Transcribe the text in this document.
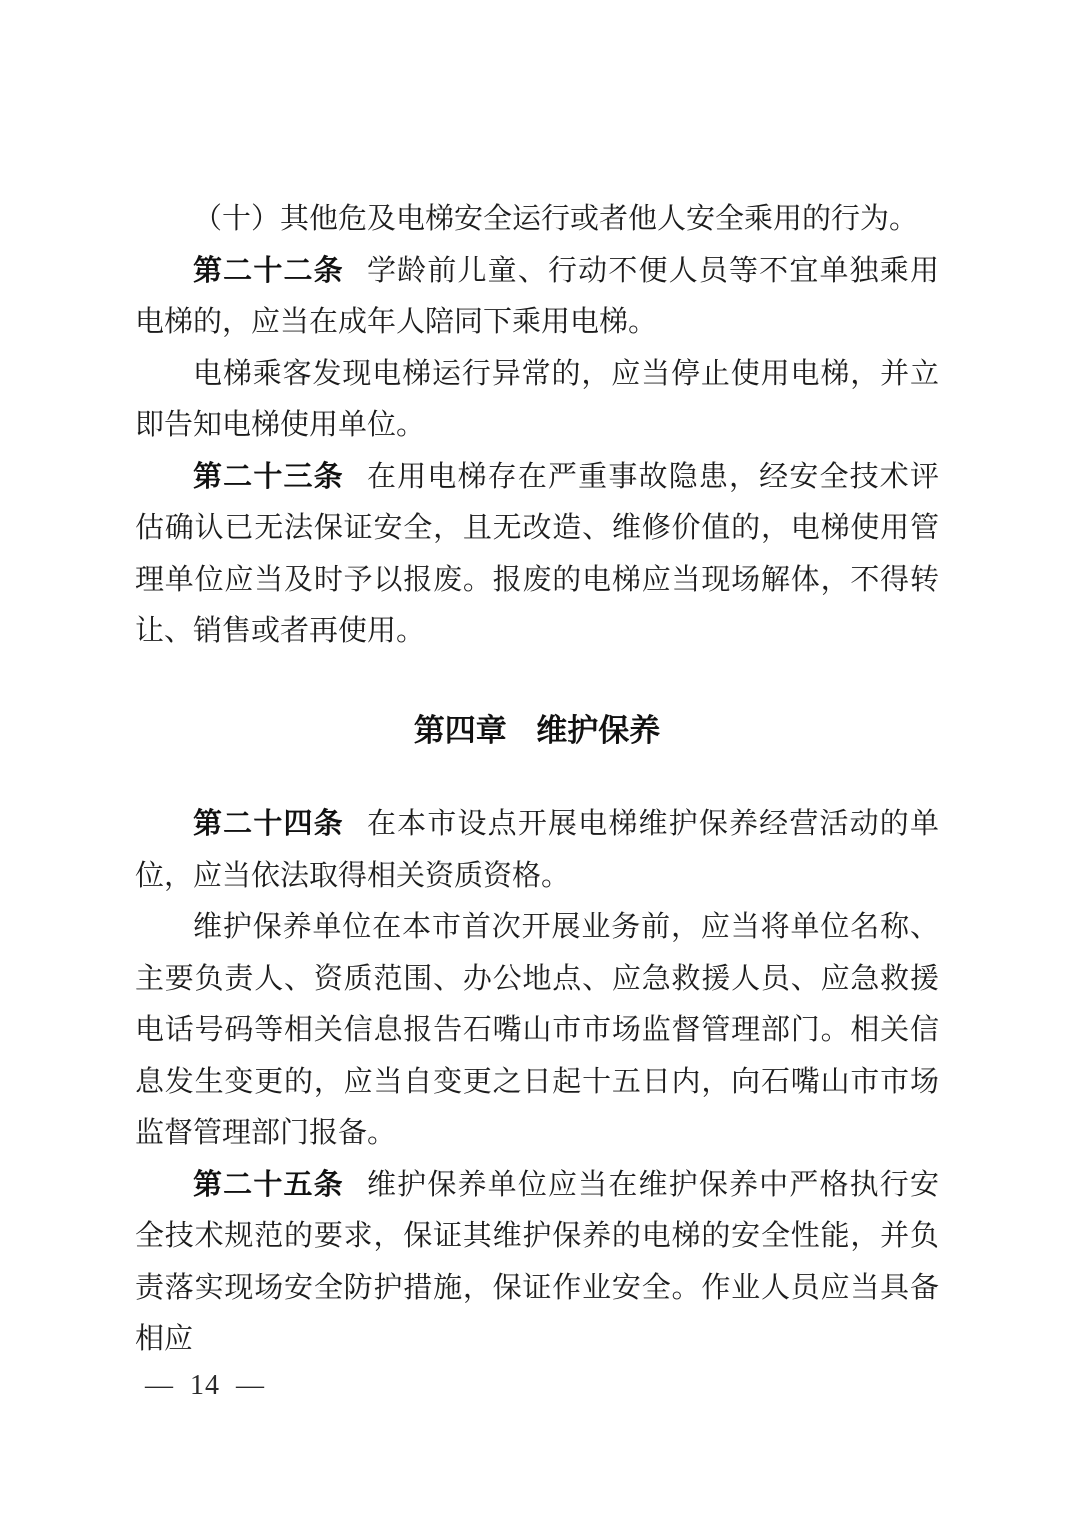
（十）其他危及电梯安全运行或者他人安全乘用的行为。

第二十二条 学龄前儿童、行动不便人员等不宜单独乘用电梯的，应当在成年人陪同下乘用电梯。

电梯乘客发现电梯运行异常的，应当停止使用电梯，并立即告知电梯使用单位。

第二十三条 在用电梯存在严重事故隐患，经安全技术评估确认已无法保证安全，且无改造、维修价值的，电梯使用管理单位应当及时予以报废。报废的电梯应当现场解体，不得转让、销售或者再使用。

第四章 维护保养

第二十四条 在本市设点开展电梯维护保养经营活动的单位，应当依法取得相关资质资格。

维护保养单位在本市首次开展业务前，应当将单位名称、主要负责人、资质范围、办公地点、应急救援人员、应急救援电话号码等相关信息报告石嘴山市市场监督管理部门。相关信息发生变更的，应当自变更之日起十五日内，向石嘴山市市场监督管理部门报备。

第二十五条 维护保养单位应当在维护保养中严格执行安全技术规范的要求，保证其维护保养的电梯的安全性能，并负责落实现场安全防护措施，保证作业安全。作业人员应当具备相应

— 14 —
